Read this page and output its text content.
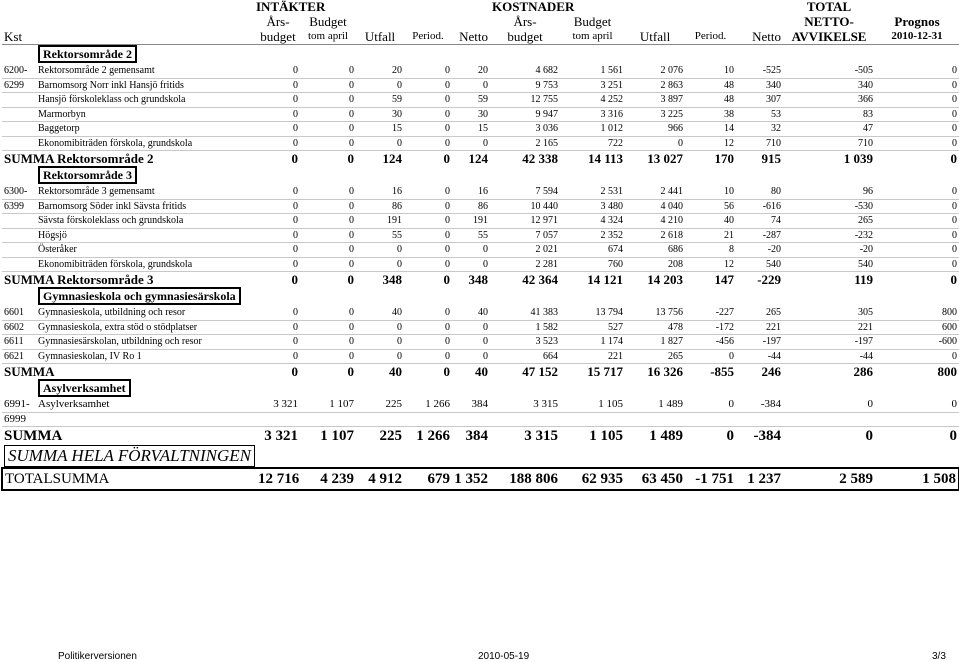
			INTÄKTER			KOSTNADER				TOTAL	
		Års-	Budget				Års-	Budget				NETTO-	Prognos
Kst		budget	tom april	Utfall	Period.	Netto	budget	tom april	Utfall	Period.	Netto	AVVIKELSE	2010-12-31
	Rektorsområde 2
6200-	Rektorsområde 2 gemensamt	0	0	20	0	20	4 682	1 561	2 076	10	-525	-505	0
6299	Barnomsorg Norr inkl Hansjö fritids	0	0	0	0	0	9 753	3 251	2 863	48	340	340	0
	Hansjö förskoleklass och grundskola	0	0	59	0	59	12 755	4 252	3 897	48	307	366	0
	Marmorbyn	0	0	30	0	30	9 947	3 316	3 225	38	53	83	0
	Baggetorp	0	0	15	0	15	3 036	1 012	966	14	32	47	0
	Ekonomibiträden förskola, grundskola	0	0	0	0	0	2 165	722	0	12	710	710	0
SUMMA Rektorsområde 2	0	0	124	0	124	42 338	14 113	13 027	170	915	1 039	0
	Rektorsområde 3
6300-	Rektorsområde 3 gemensamt	0	0	16	0	16	7 594	2 531	2 441	10	80	96	0
6399	Barnomsorg Söder inkl Sävsta fritids	0	0	86	0	86	10 440	3 480	4 040	56	-616	-530	0
	Sävsta förskoleklass och grundskola	0	0	191	0	191	12 971	4 324	4 210	40	74	265	0
	Högsjö	0	0	55	0	55	7 057	2 352	2 618	21	-287	-232	0
	Österåker	0	0	0	0	0	2 021	674	686	8	-20	-20	0
	Ekonomibiträden förskola, grundskola	0	0	0	0	0	2 281	760	208	12	540	540	0
SUMMA Rektorsområde 3	0	0	348	0	348	42 364	14 121	14 203	147	-229	119	0
	Gymnasieskola och gymnasiesärskola
6601	Gymnasieskola, utbildning och resor	0	0	40	0	40	41 383	13 794	13 756	-227	265	305	800
6602	Gymnasieskola, extra stöd o stödplatser	0	0	0	0	0	1 582	527	478	-172	221	221	600
6611	Gymnasiesärskolan, utbildning och resor	0	0	0	0	0	3 523	1 174	1 827	-456	-197	-197	-600
6621	Gymnasieskolan, IV Ro 1	0	0	0	0	0	664	221	265	0	-44	-44	0
SUMMA	0	0	40	0	40	47 152	15 717	16 326	-855	246	286	800
	Asylverksamhet
6991-	Asylverksamhet	3 321	1 107	225	1 266	384	3 315	1 105	1 489	0	-384	0	0
6999													
SUMMA	3 321	1 107	225	1 266	384	3 315	1 105	1 489	0	-384	0	0
SUMMA HELA FÖRVALTNINGEN
TOTALSUMMA	12 716	4 239	4 912	679	1 352	188 806	62 935	63 450	-1 751	1 237	2 589	1 508
Politikerversionen	2010-05-19	3/3
